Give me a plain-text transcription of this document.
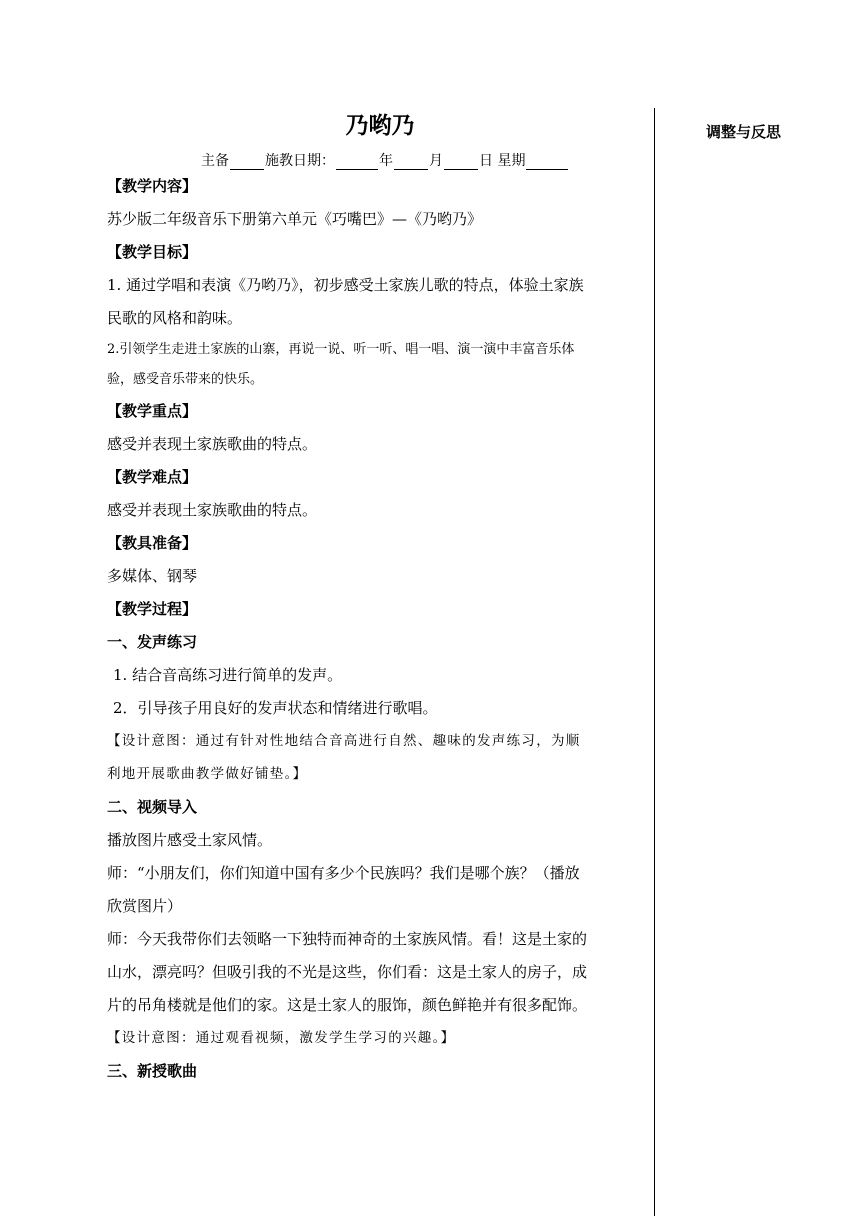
调整与反思
乃哟乃
主备	施教日期：	年	月	日 星期
【教学内容】
苏少版二年级音乐下册第六单元《巧嘴巴》—《乃哟乃》
【教学目标】
1. 通过学唱和表演《乃哟乃》，初步感受土家族儿歌的特点，体验土家族
民歌的风格和韵味。
2.引领学生走进土家族的山寨，再说一说、听一听、唱一唱、演一演中丰富音乐体
验，感受音乐带来的快乐。
【教学重点】
感受并表现土家族歌曲的特点。
【教学难点】
感受并表现土家族歌曲的特点。
【教具准备】
多媒体、钢琴
【教学过程】
一、发声练习
1. 结合音高练习进行简单的发声。
2．引导孩子用良好的发声状态和情绪进行歌唱。
【设计意图：通过有针对性地结合音高进行自然、趣味的发声练习，为顺
利地开展歌曲教学做好铺垫。】
二、视频导入
播放图片感受土家风情。
师：“小朋友们，你们知道中国有多少个民族吗？我们是哪个族？（播放
欣赏图片）
师：今天我带你们去领略一下独特而神奇的土家族风情。看！这是土家的
山水，漂亮吗？但吸引我的不光是这些，你们看：这是土家人的房子，成
片的吊角楼就是他们的家。这是土家人的服饰，颜色鲜艳并有很多配饰。
【设计意图：通过观看视频，激发学生学习的兴趣。】
三、新授歌曲
